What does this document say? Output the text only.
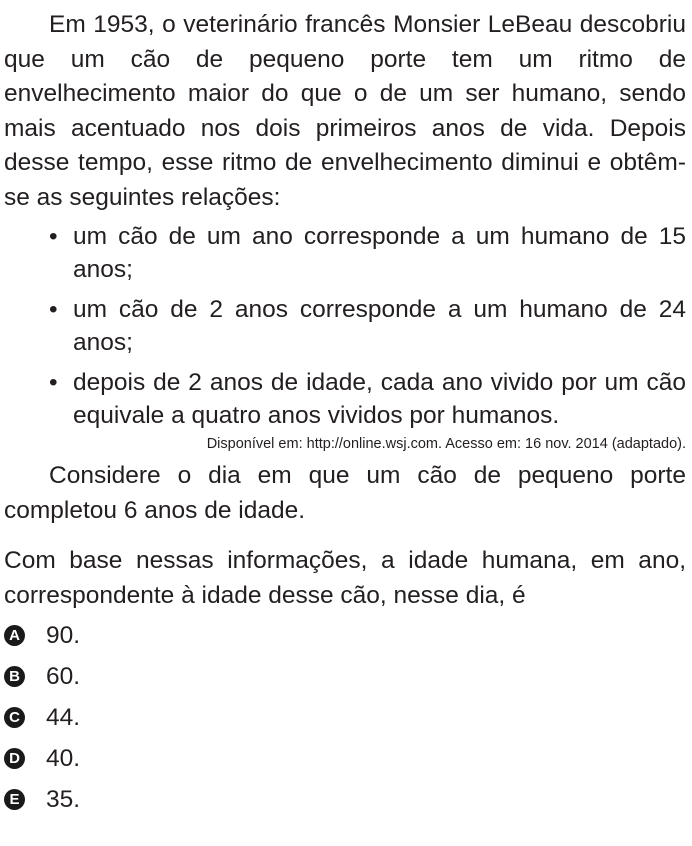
Em 1953, o veterinário francês Monsier LeBeau descobriu que um cão de pequeno porte tem um ritmo de envelhecimento maior do que o de um ser humano, sendo mais acentuado nos dois primeiros anos de vida. Depois desse tempo, esse ritmo de envelhecimento diminui e obtêm-se as seguintes relações:

• um cão de um ano corresponde a um humano de 15 anos;
• um cão de 2 anos corresponde a um humano de 24 anos;
• depois de 2 anos de idade, cada ano vivido por um cão equivale a quatro anos vividos por humanos.
Disponível em: http://online.wsj.com. Acesso em: 16 nov. 2014 (adaptado).

Considere o dia em que um cão de pequeno porte completou 6 anos de idade.

Com base nessas informações, a idade humana, em ano, correspondente à idade desse cão, nesse dia, é

A 90.
B 60.
C 44.
D 40.
E 35.
